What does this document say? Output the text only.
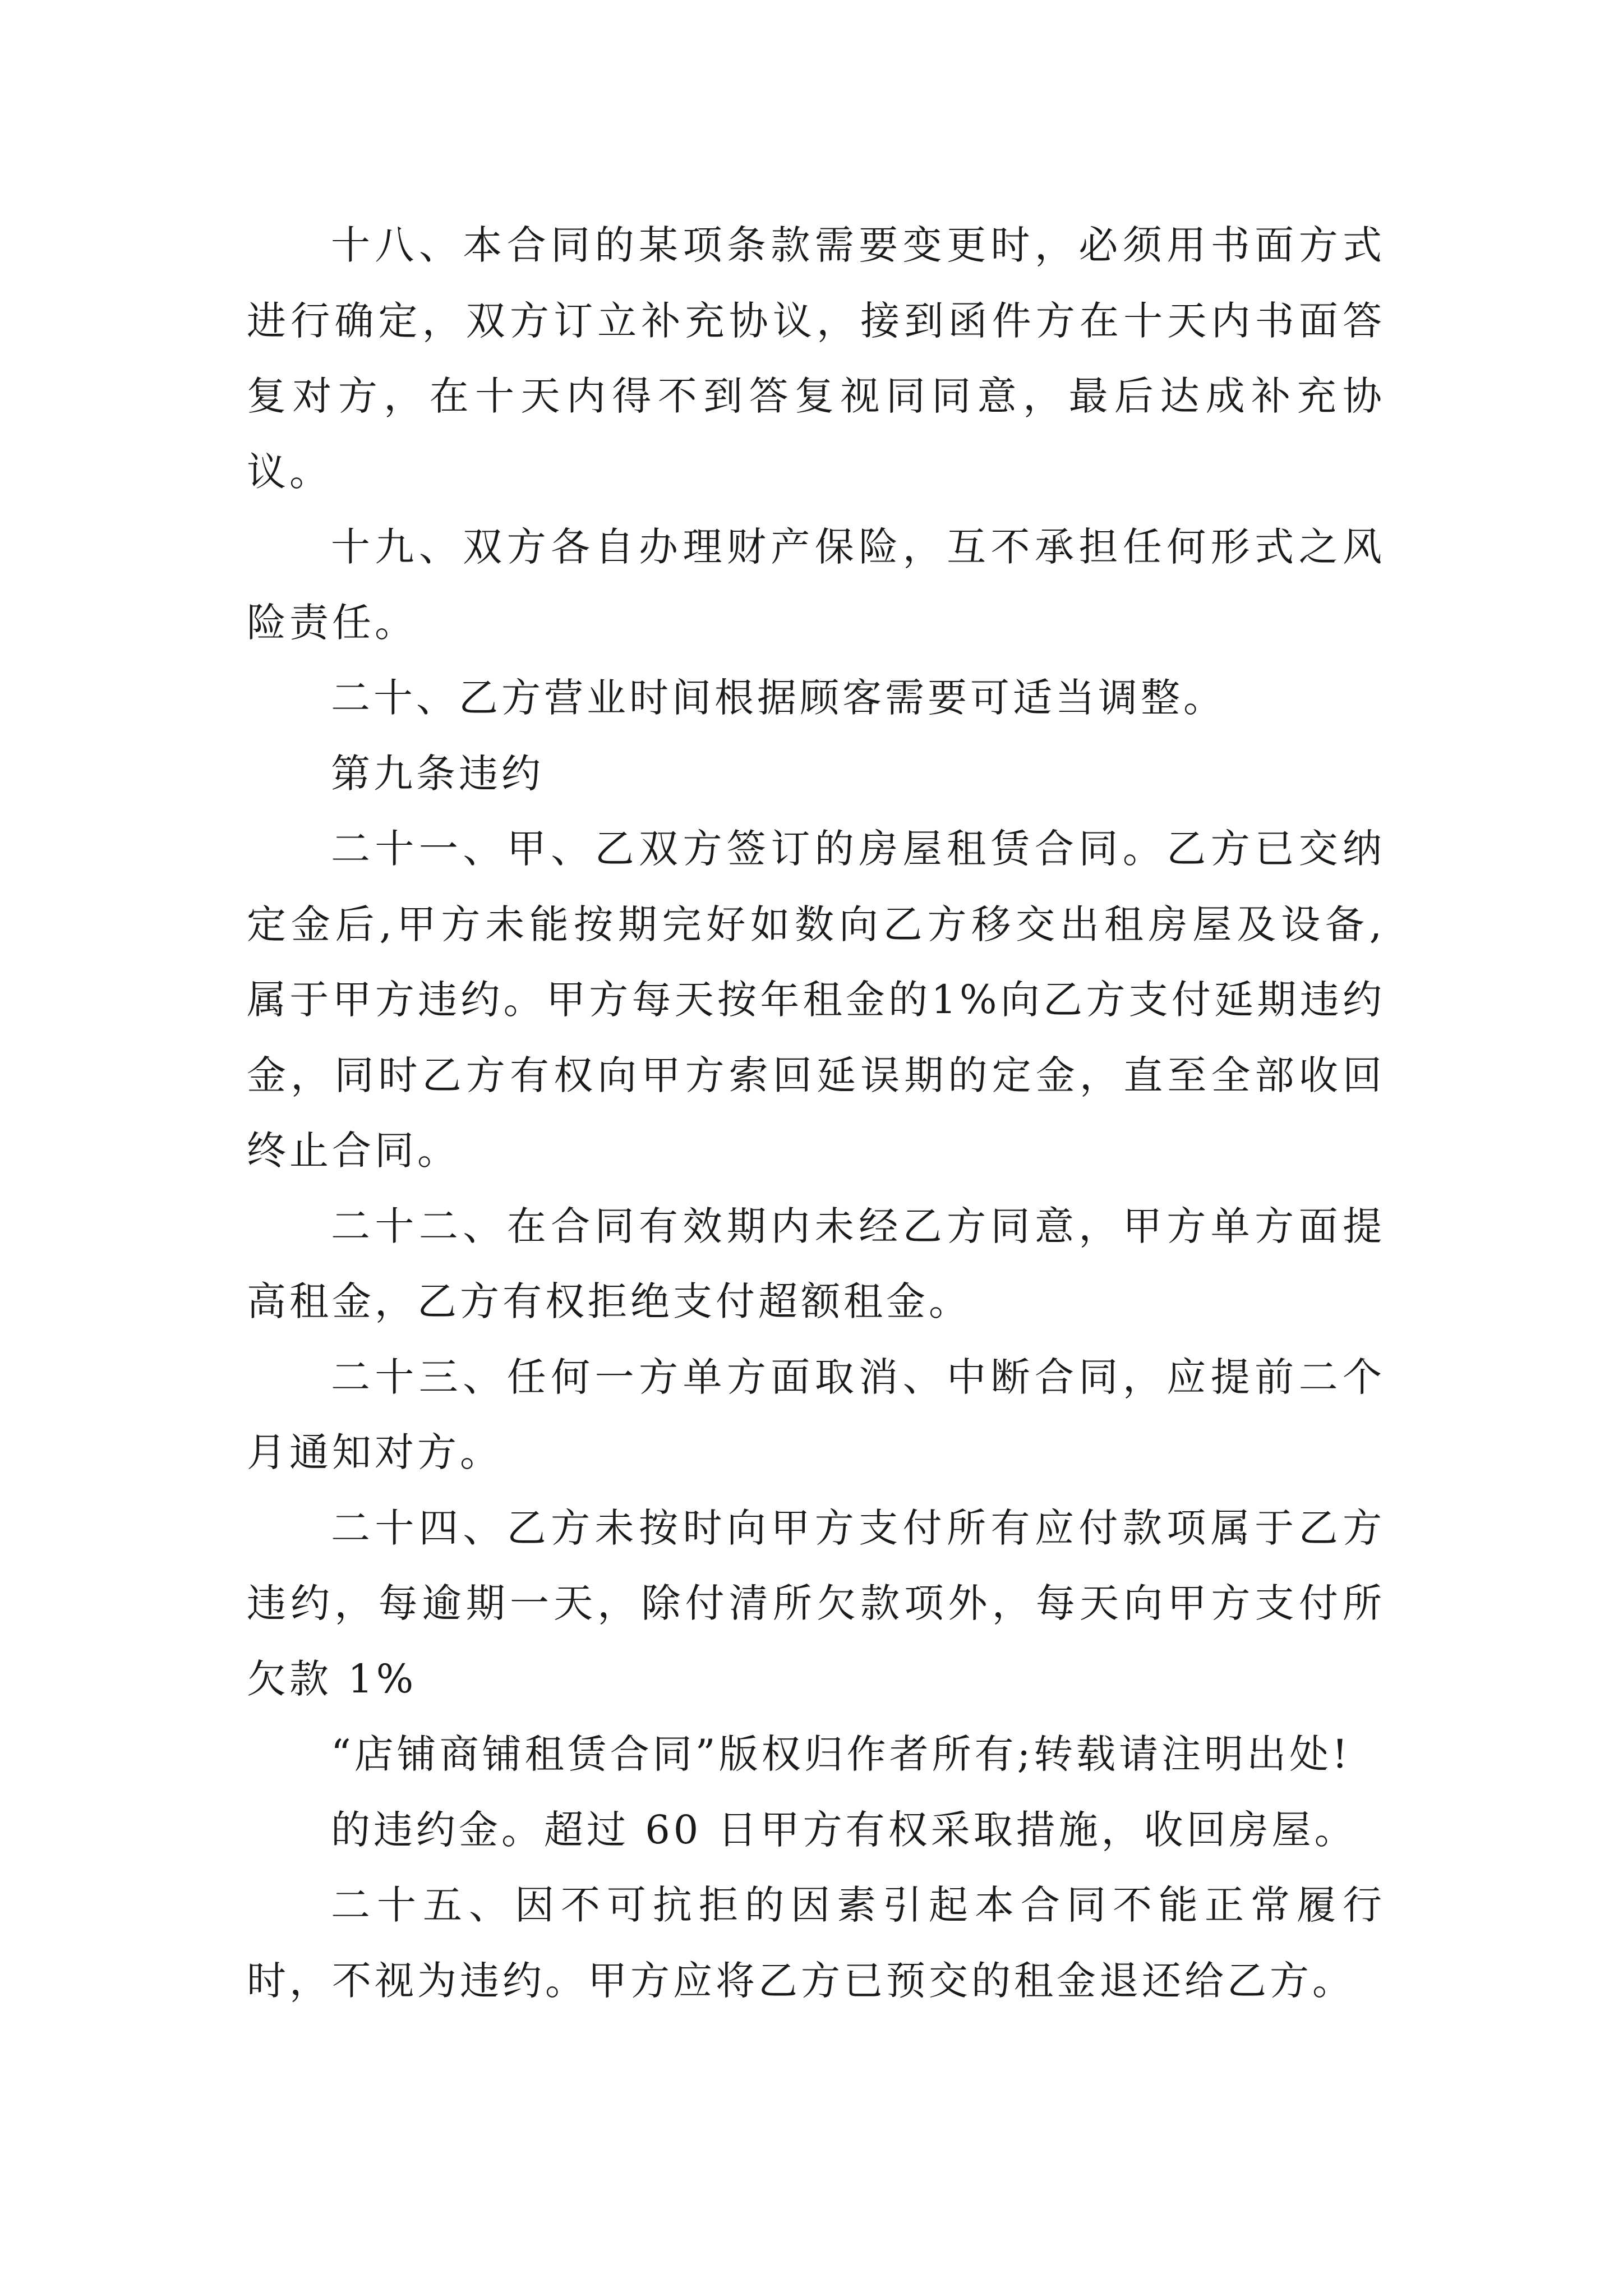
十八、本合同的某项条款需要变更时，必须用书面方式进行确定，双方订立补充协议，接到函件方在十天内书面答复对方，在十天内得不到答复视同同意，最后达成补充协议。

十九、双方各自办理财产保险，互不承担任何形式之风险责任。

二十、乙方营业时间根据顾客需要可适当调整。

第九条违约

二十一、甲、乙双方签订的房屋租赁合同。乙方已交纳定金后,甲方未能按期完好如数向乙方移交出租房屋及设备,属于甲方违约。甲方每天按年租金的1%向乙方支付延期违约金，同时乙方有权向甲方索回延误期的定金，直至全部收回终止合同。

二十二、在合同有效期内未经乙方同意，甲方单方面提高租金，乙方有权拒绝支付超额租金。

二十三、任何一方单方面取消、中断合同，应提前二个月通知对方。

二十四、乙方未按时向甲方支付所有应付款项属于乙方违约，每逾期一天，除付清所欠款项外，每天向甲方支付所欠款 1%

“店铺商铺租赁合同”版权归作者所有;转载请注明出处!

的违约金。超过 60 日甲方有权采取措施，收回房屋。

二十五、因不可抗拒的因素引起本合同不能正常履行时，不视为违约。甲方应将乙方已预交的租金退还给乙方。
